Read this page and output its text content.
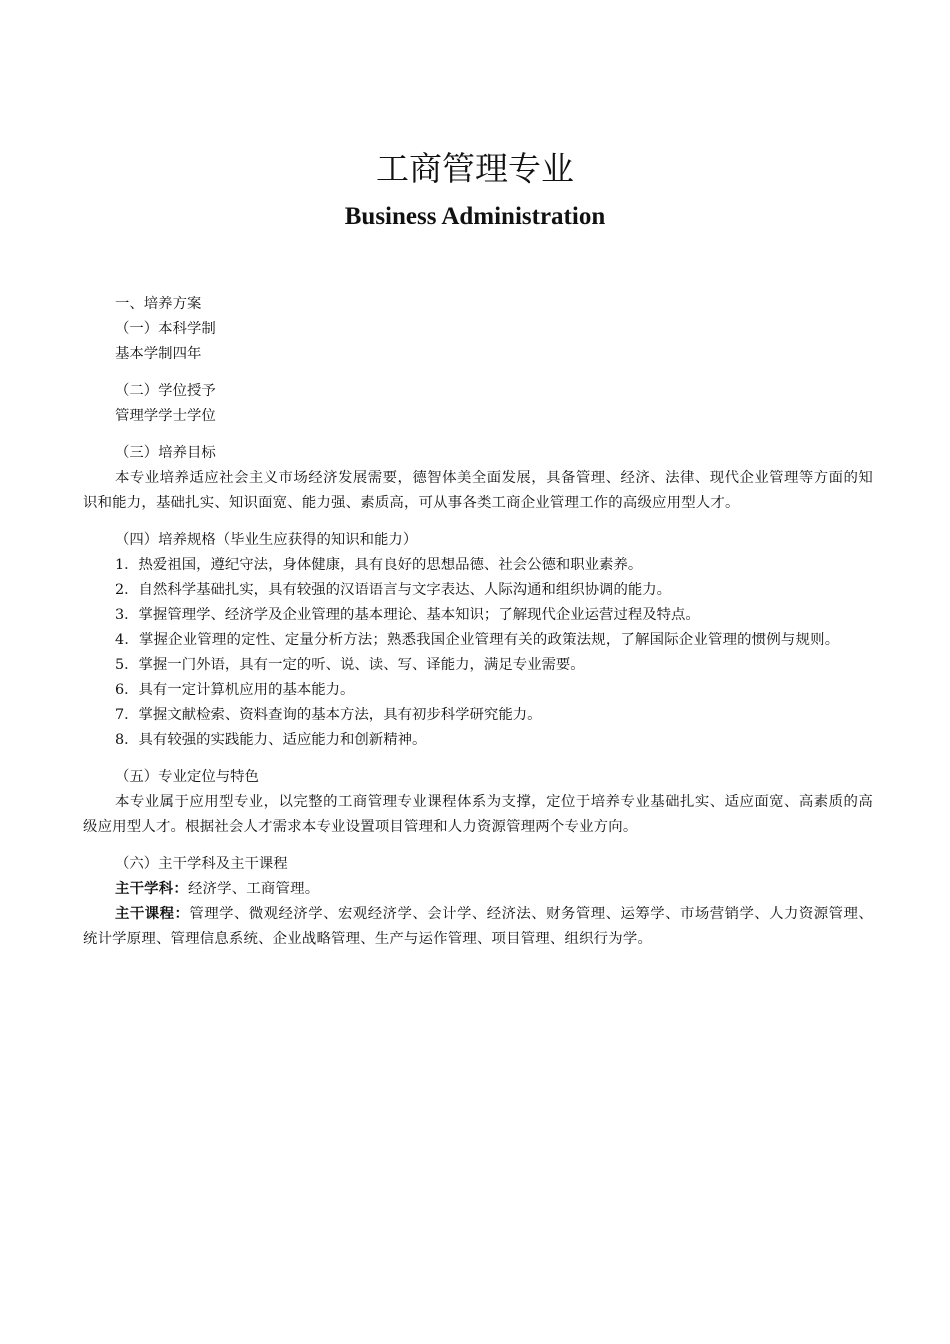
工商管理专业
Business Administration

一、培养方案

（一）本科学制

基本学制四年

（二）学位授予

管理学学士学位

（三）培养目标

本专业培养适应社会主义市场经济发展需要，德智体美全面发展，具备管理、经济、法律、现代企业管理等方面的知识和能力，基础扎实、知识面宽、能力强、素质高，可从事各类工商企业管理工作的高级应用型人才。

（四）培养规格（毕业生应获得的知识和能力）

1．热爱祖国，遵纪守法，身体健康，具有良好的思想品德、社会公德和职业素养。

2．自然科学基础扎实，具有较强的汉语语言与文字表达、人际沟通和组织协调的能力。

3．掌握管理学、经济学及企业管理的基本理论、基本知识；了解现代企业运营过程及特点。

4．掌握企业管理的定性、定量分析方法；熟悉我国企业管理有关的政策法规，了解国际企业管理的惯例与规则。

5．掌握一门外语，具有一定的听、说、读、写、译能力，满足专业需要。

6．具有一定计算机应用的基本能力。

7．掌握文献检索、资料查询的基本方法，具有初步科学研究能力。

8．具有较强的实践能力、适应能力和创新精神。

（五）专业定位与特色

本专业属于应用型专业，以完整的工商管理专业课程体系为支撑，定位于培养专业基础扎实、适应面宽、高素质的高级应用型人才。根据社会人才需求本专业设置项目管理和人力资源管理两个专业方向。

（六）主干学科及主干课程

主干学科：经济学、工商管理。

主干课程：管理学、微观经济学、宏观经济学、会计学、经济法、财务管理、运筹学、市场营销学、人力资源管理、统计学原理、管理信息系统、企业战略管理、生产与运作管理、项目管理、组织行为学。
